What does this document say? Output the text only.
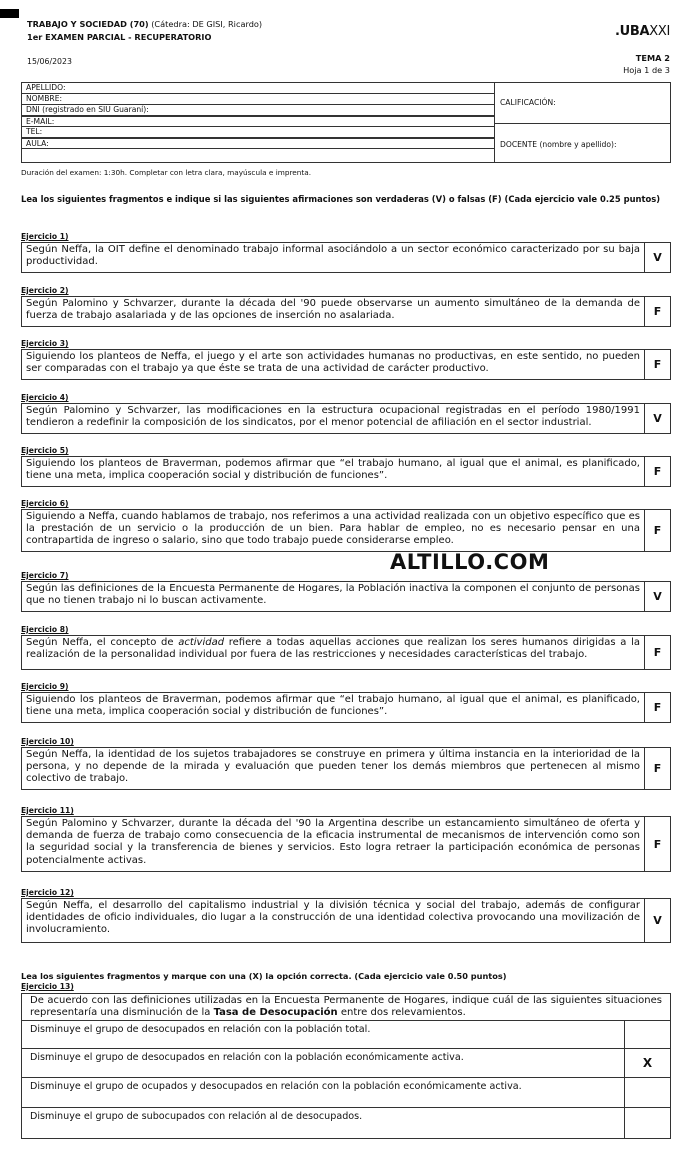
TRABAJO Y SOCIEDAD (70) (Cátedra: DE GISI, Ricardo)
1er EXAMEN PARCIAL - RECUPERATORIO
15/06/2023
.UBAXXI
TEMA 2
Hoja 1 de 3
APELLIDO:
NOMBRE:
DNI (registrado en SIU Guaraní):
E-MAIL:
TEL:
AULA:
CALIFICACIÓN:
DOCENTE (nombre y apellido):
Duración del examen: 1:30h. Completar con letra clara, mayúscula e imprenta.
Lea los siguientes fragmentos e indique si las siguientes afirmaciones son verdaderas (V) o falsas (F) (Cada ejercicio vale 0.25 puntos)
Ejercicio 1)
Según Neffa, la OIT define el denominado trabajo informal asociándolo a un sector económico caracterizado por su baja productividad.	V
Ejercicio 2)
Según Palomino y Schvarzer, durante la década del '90 puede observarse un aumento simultáneo de la demanda de fuerza de trabajo asalariada y de las opciones de inserción no asalariada.	F
Ejercicio 3)
Siguiendo los planteos de Neffa, el juego y el arte son actividades humanas no productivas, en este sentido, no pueden ser comparadas con el trabajo ya que éste se trata de una actividad de carácter productivo.	F
Ejercicio 4)
Según Palomino y Schvarzer, las modificaciones en la estructura ocupacional registradas en el período 1980/1991 tendieron a redefinir la composición de los sindicatos, por el menor potencial de afiliación en el sector industrial.	V
Ejercicio 5)
Siguiendo los planteos de Braverman, podemos afirmar que “el trabajo humano, al igual que el animal, es planificado, tiene una meta, implica cooperación social y distribución de funciones”.	F
Ejercicio 6)
Siguiendo a Neffa, cuando hablamos de trabajo, nos referimos a una actividad realizada con un objetivo específico que es la prestación de un servicio o la producción de un bien. Para hablar de empleo, no es necesario pensar en una contrapartida de ingreso o salario, sino que todo trabajo puede considerarse empleo.
F
ALTILLO.COM
Ejercicio 7)
Según las definiciones de la Encuesta Permanente de Hogares, la Población inactiva la componen el conjunto de personas que no tienen trabajo ni lo buscan activamente.	V
Ejercicio 8)
Según Neffa, el concepto de actividad refiere a todas aquellas acciones que realizan los seres humanos dirigidas a la realización de la personalidad individual por fuera de las restricciones y necesidades características del trabajo.	F
Ejercicio 9)
Siguiendo los planteos de Braverman, podemos afirmar que “el trabajo humano, al igual que el animal, es planificado, tiene una meta, implica cooperación social y distribución de funciones”.	F
Ejercicio 10)
Según Neffa, la identidad de los sujetos trabajadores se construye en primera y última instancia en la interioridad de la persona, y no depende de la mirada y evaluación que pueden tener los demás miembros que pertenecen al mismo colectivo de trabajo.
F
Ejercicio 11)
Según Palomino y Schvarzer, durante la década del '90 la Argentina describe un estancamiento simultáneo de oferta y demanda de fuerza de trabajo como consecuencia de la eficacia instrumental de mecanismos de intervención como son la seguridad social y la transferencia de bienes y servicios. Esto logra retraer la participación económica de personas potencialmente activas.
F
Ejercicio 12)
Según Neffa, el desarrollo del capitalismo industrial y la división técnica y social del trabajo, además de configurar identidades de oficio individuales, dio lugar a la construcción de una identidad colectiva provocando una movilización de involucramiento.
V
Lea los siguientes fragmentos y marque con una (X) la opción correcta. (Cada ejercicio vale 0.50 puntos)
Ejercicio 13)
De acuerdo con las definiciones utilizadas en la Encuesta Permanente de Hogares, indique cuál de las siguientes situaciones representaría una disminución de la Tasa de Desocupación entre dos relevamientos.
Disminuye el grupo de desocupados en relación con la población total.
Disminuye el grupo de desocupados en relación con la población económicamente activa.	X
Disminuye el grupo de ocupados y desocupados en relación con la población económicamente activa.
Disminuye el grupo de subocupados con relación al de desocupados.
